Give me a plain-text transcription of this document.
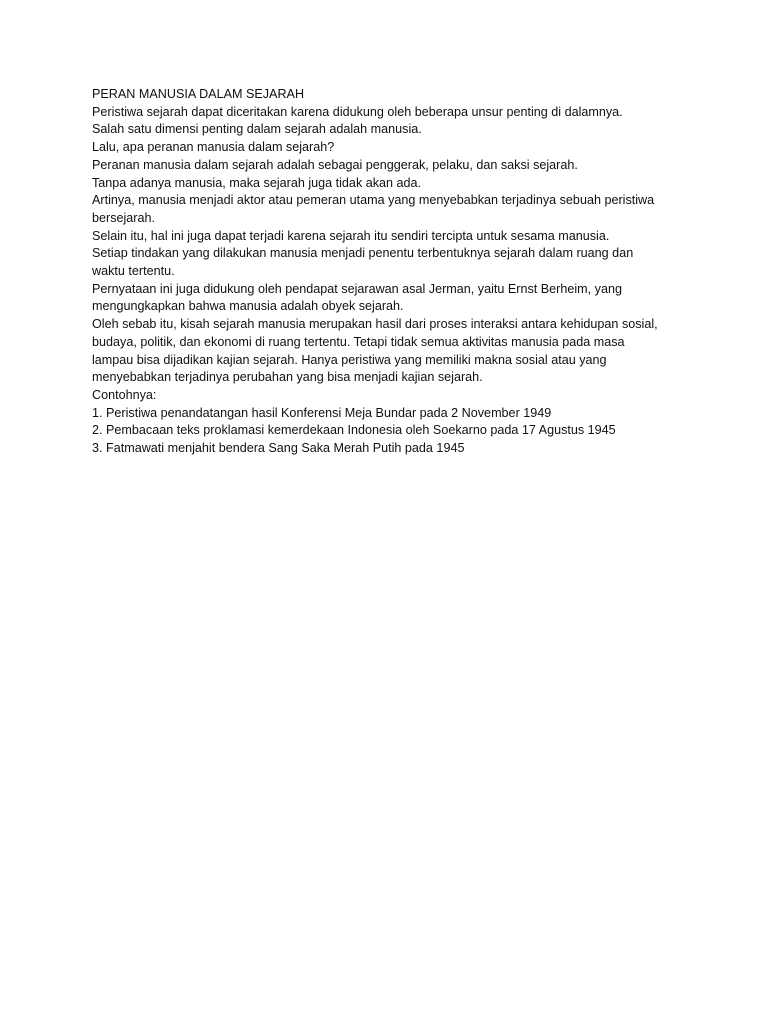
PERAN MANUSIA DALAM SEJARAH
Peristiwa sejarah dapat diceritakan karena didukung oleh beberapa unsur penting di dalamnya.
Salah satu dimensi penting dalam sejarah adalah manusia.
Lalu, apa peranan manusia dalam sejarah?
Peranan manusia dalam sejarah adalah sebagai penggerak, pelaku, dan saksi sejarah.
Tanpa adanya manusia, maka sejarah juga tidak akan ada.
Artinya, manusia menjadi aktor atau pemeran utama yang menyebabkan terjadinya sebuah peristiwa
bersejarah.
Selain itu, hal ini juga dapat terjadi karena sejarah itu sendiri tercipta untuk sesama manusia.
Setiap tindakan yang dilakukan manusia menjadi penentu terbentuknya sejarah dalam ruang dan
waktu tertentu.
Pernyataan ini juga didukung oleh pendapat sejarawan asal Jerman, yaitu Ernst Berheim, yang
mengungkapkan bahwa manusia adalah obyek sejarah.
Oleh sebab itu, kisah sejarah manusia merupakan hasil dari proses interaksi antara kehidupan sosial,
budaya, politik, dan ekonomi di ruang tertentu. Tetapi tidak semua aktivitas manusia pada masa
lampau bisa dijadikan kajian sejarah. Hanya peristiwa yang memiliki makna sosial atau yang
menyebabkan terjadinya perubahan yang bisa menjadi kajian sejarah.
Contohnya:
1. Peristiwa penandatangan hasil Konferensi Meja Bundar pada 2 November 1949
2. Pembacaan teks proklamasi kemerdekaan Indonesia oleh Soekarno pada 17 Agustus 1945
3. Fatmawati menjahit bendera Sang Saka Merah Putih pada 1945
